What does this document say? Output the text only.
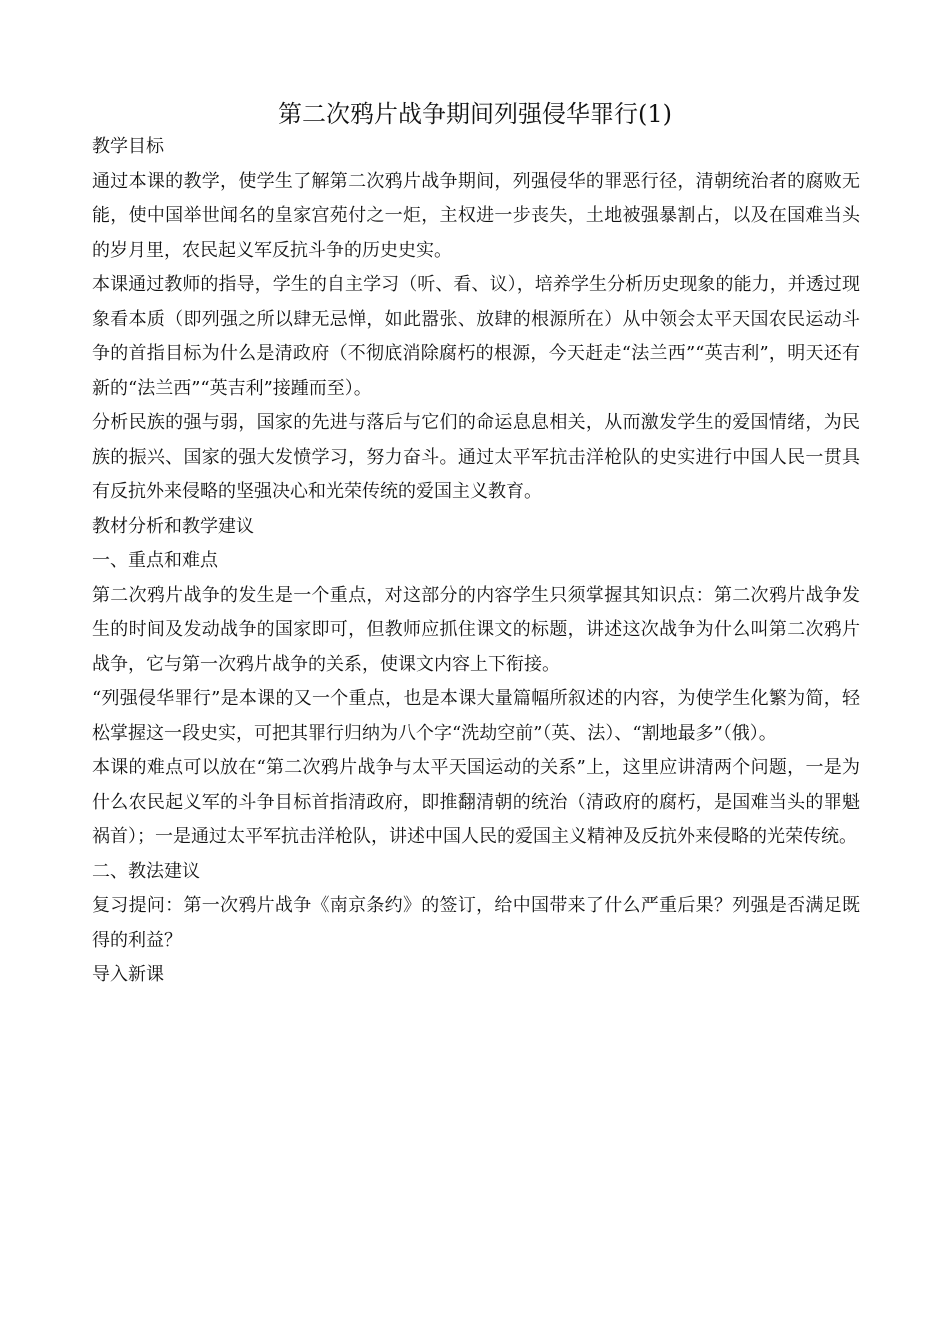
第二次鸦片战争期间列强侵华罪行(1)

教学目标

通过本课的教学，使学生了解第二次鸦片战争期间，列强侵华的罪恶行径，清朝统治者的腐败无能，使中国举世闻名的皇家宫苑付之一炬，主权进一步丧失，土地被强暴割占，以及在国难当头的岁月里，农民起义军反抗斗争的历史史实。

本课通过教师的指导，学生的自主学习（听、看、议），培养学生分析历史现象的能力，并透过现象看本质（即列强之所以肆无忌惮，如此嚣张、放肆的根源所在）从中领会太平天国农民运动斗争的首指目标为什么是清政府（不彻底消除腐朽的根源，今天赶走“法兰西”“英吉利”，明天还有新的“法兰西”“英吉利”接踵而至）。

分析民族的强与弱，国家的先进与落后与它们的命运息息相关，从而激发学生的爱国情绪，为民族的振兴、国家的强大发愤学习，努力奋斗。通过太平军抗击洋枪队的史实进行中国人民一贯具有反抗外来侵略的坚强决心和光荣传统的爱国主义教育。

教材分析和教学建议

一、重点和难点

第二次鸦片战争的发生是一个重点，对这部分的内容学生只须掌握其知识点：第二次鸦片战争发生的时间及发动战争的国家即可，但教师应抓住课文的标题，讲述这次战争为什么叫第二次鸦片战争，它与第一次鸦片战争的关系，使课文内容上下衔接。

“列强侵华罪行”是本课的又一个重点，也是本课大量篇幅所叙述的内容，为使学生化繁为简，轻松掌握这一段史实，可把其罪行归纳为八个字“洗劫空前”（英、法）、“割地最多”（俄）。

本课的难点可以放在“第二次鸦片战争与太平天国运动的关系”上，这里应讲清两个问题，一是为什么农民起义军的斗争目标首指清政府，即推翻清朝的统治（清政府的腐朽，是国难当头的罪魁祸首）；一是通过太平军抗击洋枪队，讲述中国人民的爱国主义精神及反抗外来侵略的光荣传统。

二、教法建议

复习提问：第一次鸦片战争《南京条约》的签订，给中国带来了什么严重后果？列强是否满足既得的利益？

导入新课
